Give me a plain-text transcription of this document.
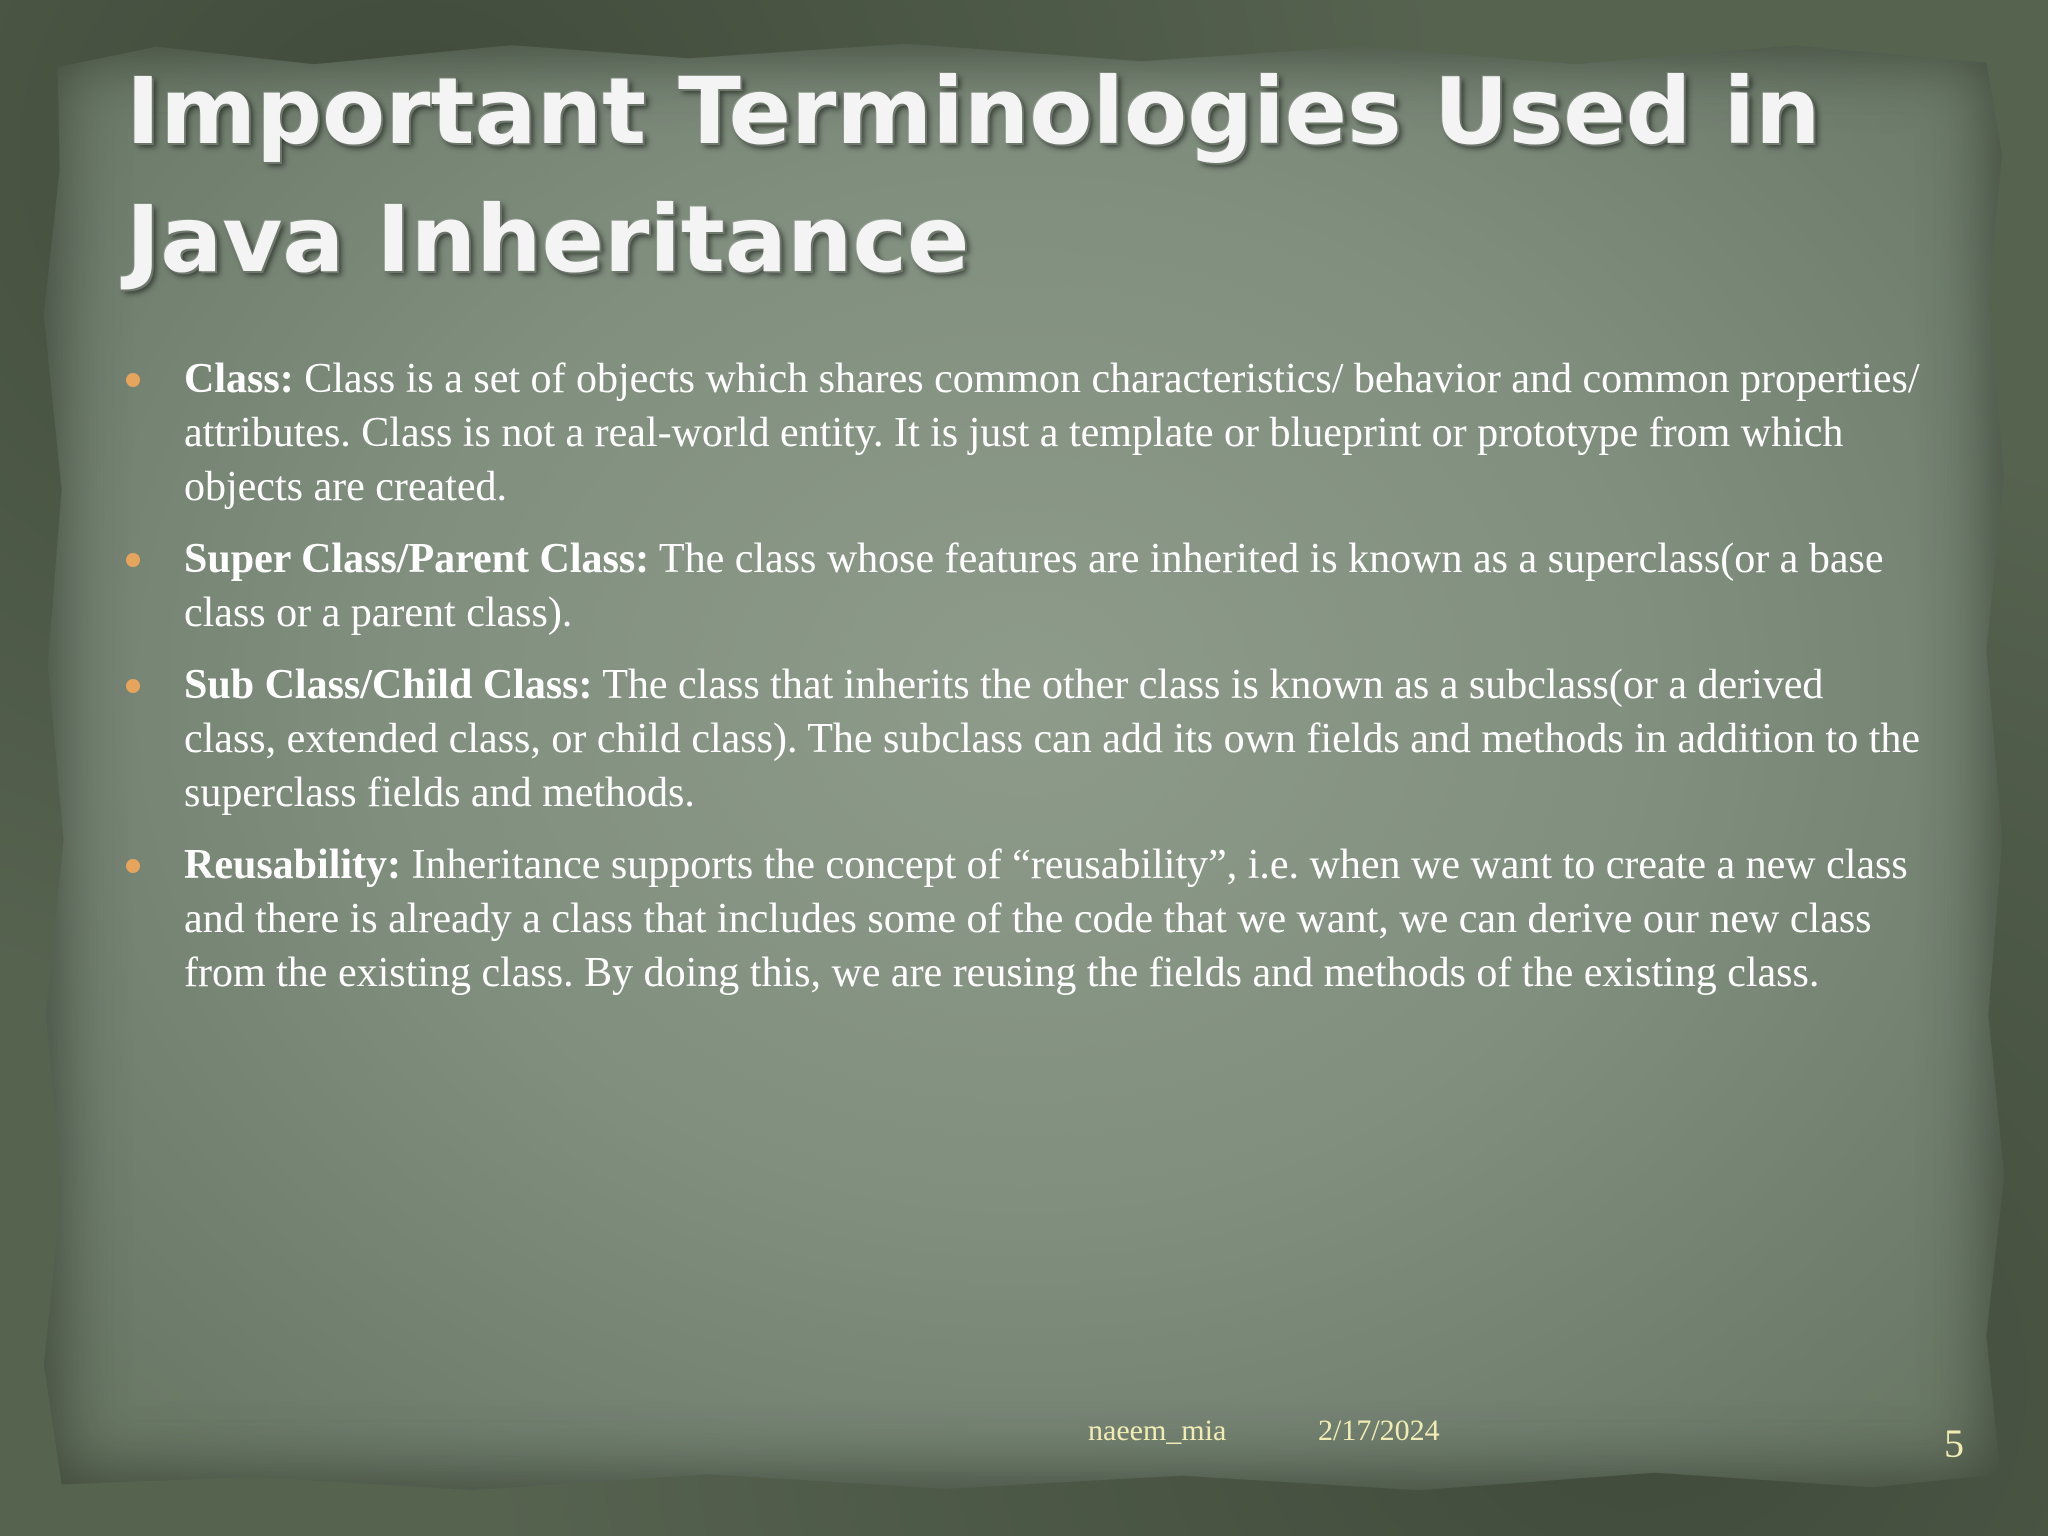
Important Terminologies Used in
Java Inheritance
Class: Class is a set of objects which shares common characteristics/ behavior and common properties/ attributes. Class is not a real-world entity. It is just a template or blueprint or prototype from which objects are created.
Super Class/Parent Class: The class whose features are inherited is known as a superclass(or a base class or a parent class).
Sub Class/Child Class: The class that inherits the other class is known as a subclass(or a derived class, extended class, or child class). The subclass can add its own fields and methods in addition to the superclass fields and methods.
Reusability: Inheritance supports the concept of “reusability”, i.e. when we want to create a new class and there is already a class that includes some of the code that we want, we can derive our new class from the existing class. By doing this, we are reusing the fields and methods of the existing class.
naeem_mia	2/17/2024	5
